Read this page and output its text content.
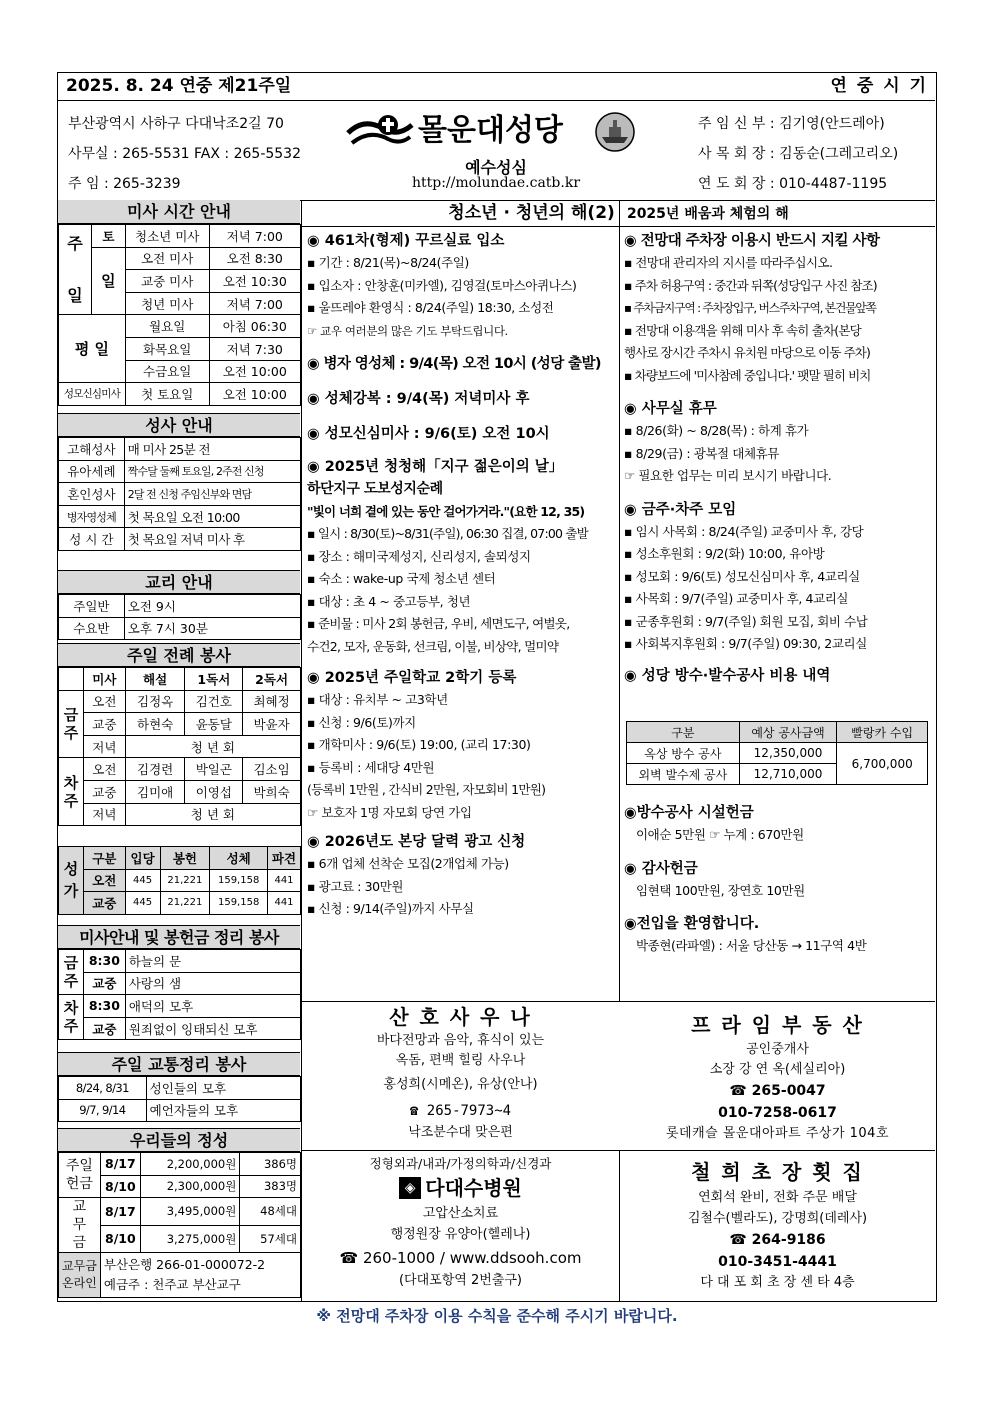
2025. 8. 24 연중 제21주일	연 중 시 기
부산광역시 사하구 다대낙조2길 70
사무실 : 265-5531 FAX : 265-5532
주 임 : 265-3239
몰운대성당
예수성심
http://molundae.catb.kr
주 임 신 부 : 김기영(안드레아)
사 목 회 장 : 김동순(그레고리오)
연 도 회 장 : 010-4487-1195
청소년 · 청년의 해(2) 2025년 배움과 체험의 해
미사 시간 안내
주

일	토	청소년 미사	저녁 7:00
	일	오전 미사	오전 8:30
		교중 미사	오전 10:30
		청년 미사	저녁 7:00
평 일		월요일	아침 06:30
		화목요일	저녁 7:30
		수금요일	오전 10:00
성모신심미사		첫 토요일	오전 10:00
성사 안내
고해성사	매 미사 25분 전
유아세례	짝수달 둘째 토요일, 2주전 신청
혼인성사	2달 전 신청 주임신부와 면담
병자영성체	첫 목요일 오전 10:00
성 시 간	첫 목요일 저녁 미사 후
교리 안내
주일반	오전 9시
수요반	오후 7시 30분
주일 전례 봉사
	미사	해설	1독서	2독서
금주	오전	김정옥	김건호	최혜정
	교중	하현숙	윤동달	박윤자
	저녁	청 년 회		
차주	오전	김경련	박일곤	김소임
	교중	김미애	이영섭	박희숙
	저녁	청 년 회		
성가	구분	입당	봉헌	성체	파견
	오전	445	21,221	159,158	441
	교중	445	21,221	159,158	441
미사안내 및 봉헌금 정리 봉사
금주	8:30	하늘의 문
	교중	사랑의 샘
차주	8:30	애덕의 모후
	교중	원죄없이 잉태되신 모후
주일 교통정리 봉사
8/24, 8/31	성인들의 모후
9/7, 9/14	예언자들의 모후
우리들의 정성
주일헌금	8/17	2,200,000원	386명
	8/10	2,300,000원	383명
교무금	8/17	3,495,000원	48세대
	8/10	3,275,000원	57세대
교무금 온라인	부산은행 266-01-000072-2
예금주 : 천주교 부산교구		
◉ 461차(형제) 꾸르실료 입소
▪ 기간 : 8/21(목)~8/24(주일)
▪ 입소자 : 안창훈(미카엘), 김영걸(토마스아퀴나스)
▪ 울뜨레야 환영식 : 8/24(주일) 18:30, 소성전
☞ 교우 여러분의 많은 기도 부탁드립니다.
◉ 병자 영성체 : 9/4(목) 오전 10시 (성당 출발)
◉ 성체강복 : 9/4(목) 저녁미사 후
◉ 성모신심미사 : 9/6(토) 오전 10시
◉ 2025년 청청해「지구 젊은이의 날」
하단지구 도보성지순례
"빛이 너희 곁에 있는 동안 걸어가거라."(요한 12, 35)
▪ 일시 : 8/30(토)~8/31(주일), 06:30 집결, 07:00 출발
▪ 장소 : 해미국제성지, 신리성지, 솔뫼성지
▪ 숙소 : wake-up 국제 청소년 센터
▪ 대상 : 초 4 ~ 중고등부, 청년
▪ 준비물 : 미사 2회 봉헌금, 우비, 세면도구, 여벌옷,
수건2, 모자, 운동화, 선크림, 이불, 비상약, 멀미약
◉ 2025년 주일학교 2학기 등록
▪ 대상 : 유치부 ~ 고3학년
▪ 신청 : 9/6(토)까지
▪ 개학미사 : 9/6(토) 19:00, (교리 17:30)
▪ 등록비 : 세대당 4만원
(등록비 1만원 , 간식비 2만원, 자모회비 1만원)
☞ 보호자 1명 자모회 당연 가입
◉ 2026년도 본당 달력 광고 신청
▪ 6개 업체 선착순 모집(2개업체 가능)
▪ 광고료 : 30만원
▪ 신청 : 9/14(주일)까지 사무실
◉ 전망대 주차장 이용시 반드시 지킬 사항
▪ 전망대 관리자의 지시를 따라주십시오.
▪ 주차 허용구역 : 중간과 뒤쪽(성당입구 사진 참조)
▪ 주차금지구역 : 주차장입구, 버스주차구역, 본건물앞쪽
▪ 전망대 이용객을 위해 미사 후 속히 출차(본당
행사로 장시간 주차시 유치원 마당으로 이동 주차)
▪ 차량보드에 '미사참례 중입니다.' 팻말 필히 비치
◉ 사무실 휴무
▪ 8/26(화) ~ 8/28(목) : 하계 휴가
▪ 8/29(금) : 광복절 대체휴뮤
☞ 필요한 업무는 미리 보시기 바랍니다.
◉ 금주·차주 모임
▪ 임시 사목회 : 8/24(주일) 교중미사 후, 강당
▪ 성소후원회 : 9/2(화) 10:00, 유아방
▪ 성모회 : 9/6(토) 성모신심미사 후, 4교리실
▪ 사목회 : 9/7(주일) 교중미사 후, 4교리실
▪ 군종후원회 : 9/7(주일) 회원 모집, 회비 수납
▪ 사회복지후원회 : 9/7(주일) 09:30, 2교리실
◉ 성당 방수·발수공사 비용 내역
구분	예상 공사금액	빨랑카 수입
옥상 방수 공사	12,350,000	6,700,000
외벽 발수제 공사	12,710,000	
◉방수공사 시설헌금
이애순 5만원 ☞ 누계 : 670만원
◉ 감사헌금
임현택 100만원, 장연호 10만원
◉전입을 환영합니다.
박종현(라파엘) : 서울 당산동 → 11구역 4반
산 호 사 우 나
바다전망과 음악, 휴식이 있는
옥돔, 편백 힐링 사우나
홍성희(시메온), 유상(안나)
☎ 265-7973~4
낙조분수대 맞은편
프 라 임 부 동 산
공인중개사
소장 강 연 옥(세실리아)
☎ 265-0047
010-7258-0617
롯데캐슬 몰운대아파트 주상가 104호
정형외과/내과/가정의학과/신경과
◈ 다대수병원
고압산소치료
행정원장 유양아(헬레나)
☎ 260-1000 / www.ddsooh.com
(다대포항역 2번출구)
철 희 초 장 횟 집
연회석 완비, 전화 주문 배달
김철수(벨라도), 강명희(데레사)
☎ 264-9186
010-3451-4441
다 대 포 회 초 장 센 타 4층
※ 전망대 주차장 이용 수칙을 준수해 주시기 바랍니다.
